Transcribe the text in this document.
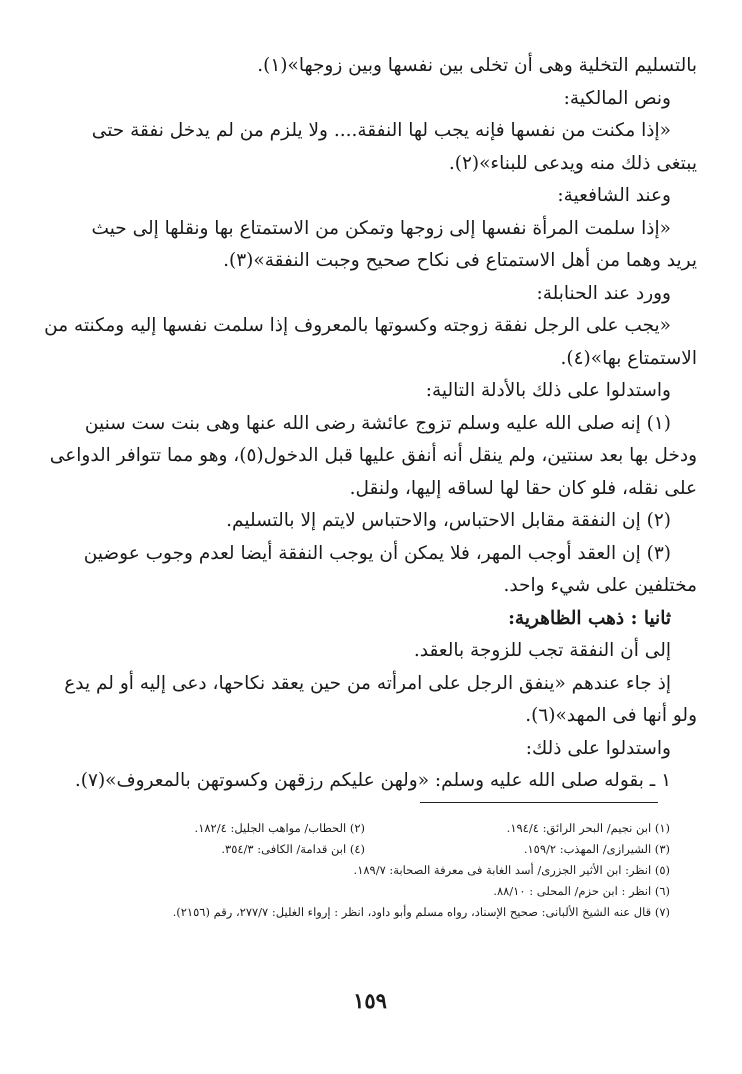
بالتسليم التخلية وهى أن تخلى بين نفسها وبين زوجها»(١).
ونص المالكية:
«إذا مكنت من نفسها فإنه يجب لها النفقة.... ولا يلزم من لم يدخل نفقة حتى
يبتغى ذلك منه ويدعى للبناء»(٢).
وعند الشافعية:
«إذا سلمت المرأة نفسها إلى زوجها وتمكن من الاستمتاع بها ونقلها إلى حيث
يريد وهما من أهل الاستمتاع فى نكاح صحيح وجبت النفقة»(٣).
وورد عند الحنابلة:
«يجب على الرجل نفقة زوجته وكسوتها بالمعروف إذا سلمت نفسها إليه ومكنته من
الاستمتاع بها»(٤).
واستدلوا على ذلك بالأدلة التالية:
(١) إنه صلى الله عليه وسلم تزوج عائشة رضى الله عنها وهى بنت ست سنين
ودخل بها بعد سنتين، ولم ينقل أنه أنفق عليها قبل الدخول(٥)، وهو مما تتوافر الدواعى
على نقله، فلو كان حقا لها لساقه إليها، ولنقل.
(٢) إن النفقة مقابل الاحتباس، والاحتباس لايتم إلا بالتسليم.
(٣) إن العقد أوجب المهر، فلا يمكن أن يوجب النفقة أيضا لعدم وجوب عوضين
مختلفين على شيء واحد.
ثانيا : ذهب الظاهرية:
إلى أن النفقة تجب للزوجة بالعقد.
إذ جاء عندهم «ينفق الرجل على امرأته من حين يعقد نكاحها، دعى إليه أو لم يدع
ولو أنها فى المهد»(٦).
واستدلوا على ذلك:
١ ـ بقوله صلى الله عليه وسلم: «ولهن عليكم رزقهن وكسوتهن بالمعروف»(٧).
(١) ابن نجيم/ البحر الرائق: ١٩٤/٤.
(٢) الحطاب/ مواهب الجليل: ١٨٢/٤.
(٣) الشيرازى/ المهذب: ١٥٩/٢.
(٤) ابن قدامة/ الكافى: ٣٥٤/٣.
(٥) انظر: ابن الأثير الجزرى/ أسد الغابة فى معرفة الصحابة: ١٨٩/٧.
(٦) انظر : ابن حزم/ المحلى : ٨٨/١٠.
(٧) قال عنه الشيخ الألبانى: صحيح الإسناد، رواه مسلم وأبو داود، انظر : إرواء الغليل: ٢٧٧/٧، رقم (٢١٥٦).
١٥٩
